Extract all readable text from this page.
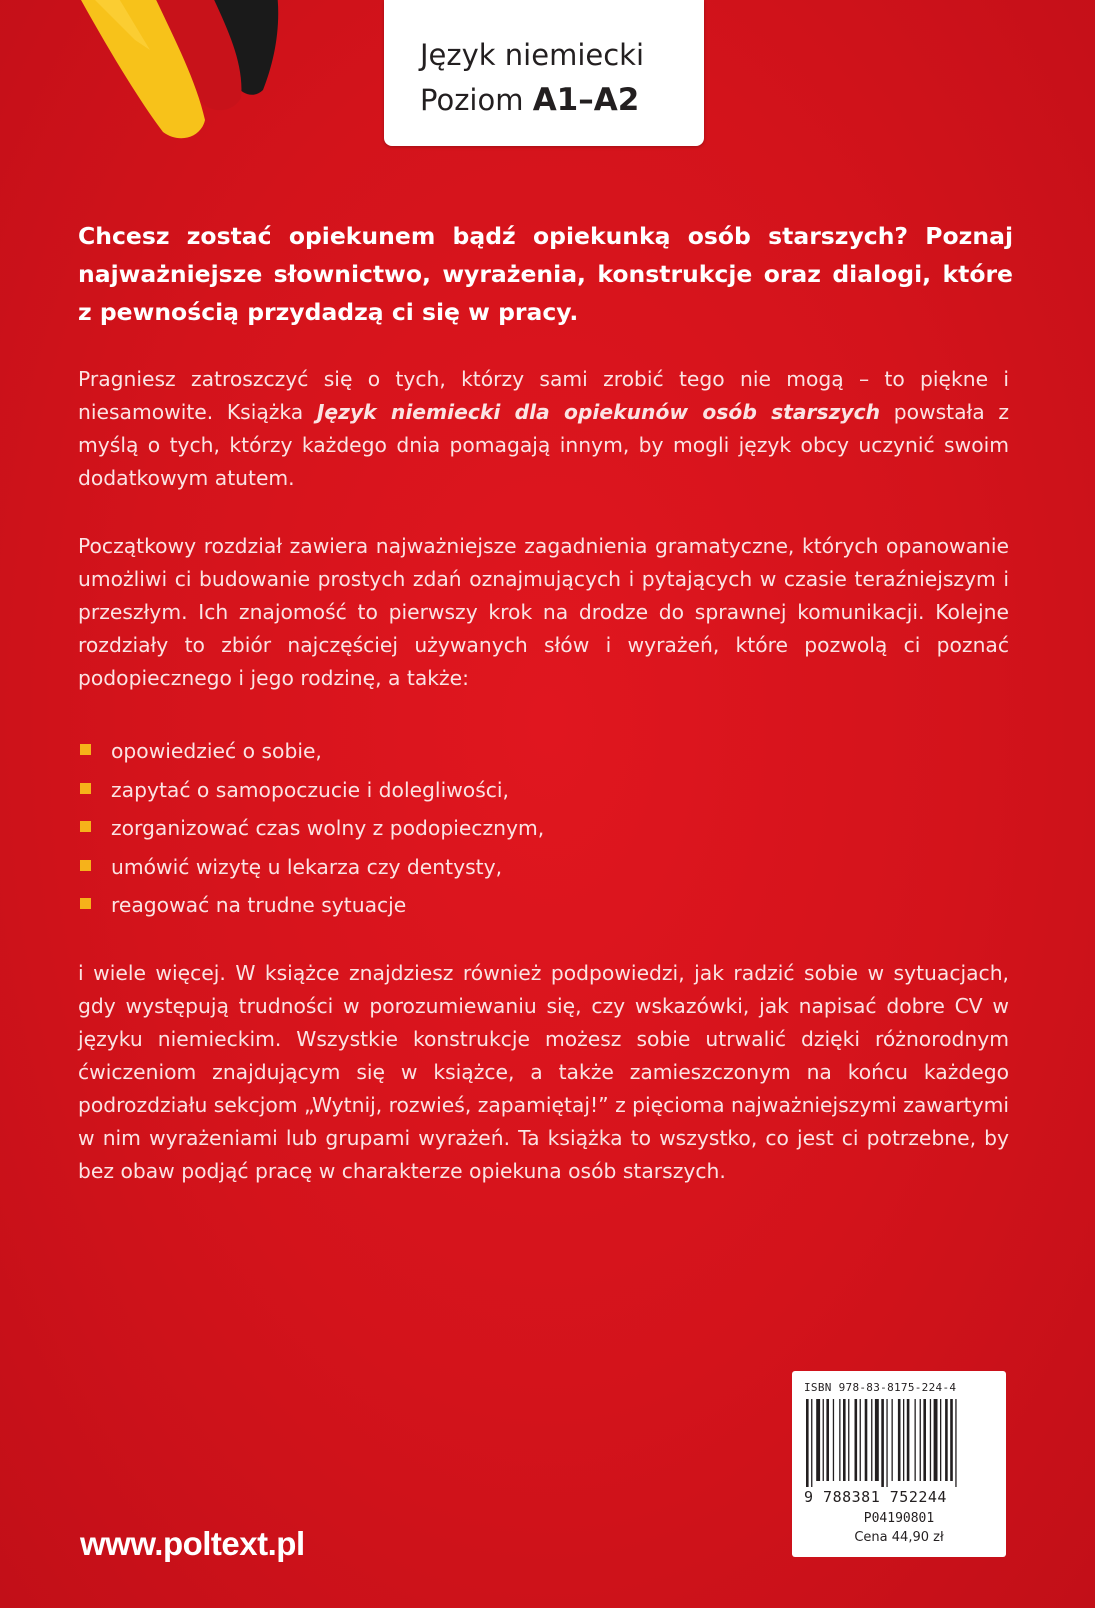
Język niemiecki
Poziom A1–A2
Chcesz zostać opiekunem bądź opiekunką osób starszych? Poznaj najważniejsze słownictwo, wyrażenia, konstrukcje oraz dialogi, które z pewnością przydadzą ci się w pracy.
Pragniesz zatroszczyć się o tych, którzy sami zrobić tego nie mogą – to piękne i niesamowite. Książka Język niemiecki dla opiekunów osób starszych powstała z myślą o tych, którzy każdego dnia pomagają innym, by mogli język obcy uczynić swoim dodatkowym atutem.
Początkowy rozdział zawiera najważniejsze zagadnienia gramatyczne, których opanowanie umożliwi ci budowanie prostych zdań oznajmujących i pytających w czasie teraźniejszym i przeszłym. Ich znajomość to pierwszy krok na drodze do sprawnej komunikacji. Kolejne rozdziały to zbiór najczęściej używanych słów i wyrażeń, które pozwolą ci poznać podopiecznego i jego rodzinę, a także:
opowiedzieć o sobie,
zapytać o samopoczucie i dolegliwości,
zorganizować czas wolny z podopiecznym,
umówić wizytę u lekarza czy dentysty,
reagować na trudne sytuacje
i wiele więcej. W książce znajdziesz również podpowiedzi, jak radzić sobie w sytuacjach, gdy występują trudności w porozumiewaniu się, czy wskazówki, jak napisać dobre CV w języku niemieckim. Wszystkie konstrukcje możesz sobie utrwalić dzięki różnorodnym ćwiczeniom znajdującym się w książce, a także zamieszczonym na końcu każdego podrozdziału sekcjom „Wytnij, rozwieś, zapamiętaj!” z pięcioma najważniejszymi zawartymi w nim wyrażeniami lub grupami wyrażeń. Ta książka to wszystko, co jest ci potrzebne, by bez obaw podjąć pracę w charakterze opiekuna osób starszych.
www.poltext.pl
ISBN 978-83-8175-224-4
9 788381 752244
P04190801
Cena 44,90 zł
